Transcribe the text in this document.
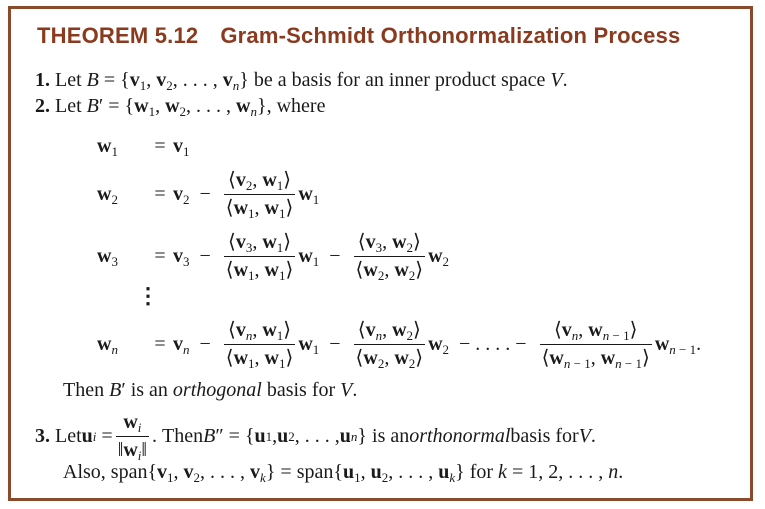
THEOREM 5.12 Gram-Schmidt Orthonormalization Process
1. Let $B = \{v_1$, $v_2$, . . . , $v_n$} be a basis for an inner product space V.
2. Let $B' = \{w_1$, $w_2$, . . . , $w_n$}, where
$w_1$	= $v_1$
$w_2$	= $v_2 - \frac{⟨v_2, w_1⟩}{⟨w_1, w_1⟩} w_1$
$w_3$	= $v_3 - \frac{⟨v_3, w_1⟩}{⟨w_1, w_1⟩} w_1 - \frac{⟨v_3, w_2⟩}{⟨w_2, w_2⟩} w_2$
⋮
$w_n$	= $v_n - \frac{⟨v_n, w_1⟩}{⟨w_1, w_1⟩} w_1 - \frac{⟨v_n, w_2⟩}{⟨w_2, w_2⟩} w_2$ − . . . . − $\frac{⟨v_n, w_{n - 1}⟩}{⟨w_{n - 1}, w_{n - 1}⟩} w_{n - 1}$.
Then B′ is an orthogonal basis for V.
3. Let u $i = \frac{w_i}{‖w_i‖}$ . Then B ″ = { u 1 , u 2 , . . . , u n } is an orthonormal basis for V .
Also, $span\{v_1$, $v_2$, . . . , $v_k$} = $span\{u_1$, $u_2$, . . . , $u_k$} for k = 1, 2, . . . , n.
